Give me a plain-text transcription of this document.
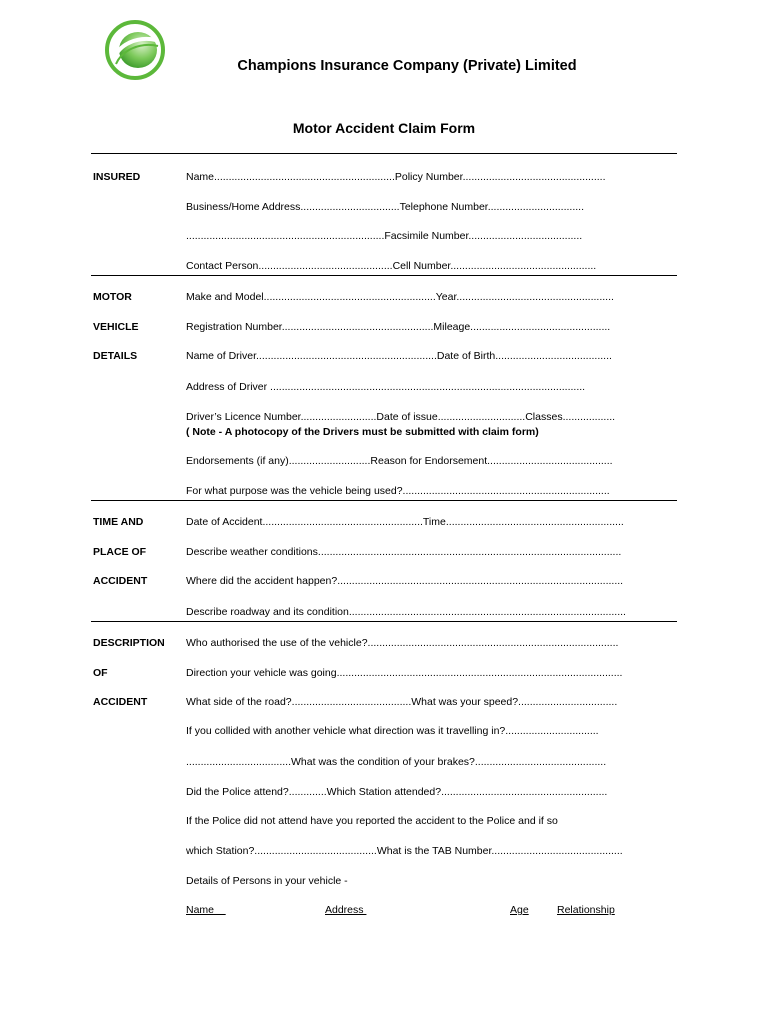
Champions Insurance Company (Private) Limited
Motor Accident Claim Form
INSURED	Name..............................................................Policy Number.................................................
Business/Home Address..................................Telephone Number.................................
....................................................................Facsimile Number.......................................
Contact Person..............................................Cell Number..................................................
MOTOR
VEHICLE
DETAILS
Make and Model...........................................................Year......................................................
Registration Number....................................................Mileage................................................
Name of Driver..............................................................Date of Birth........................................
Address of Driver ............................................................................................................
Driver’s Licence Number..........................Date of issue..............................Classes..................
( Note - A photocopy of the Drivers must be submitted with claim form)
Endorsements (if any)............................Reason for Endorsement...........................................
For what purpose was the vehicle being used?.......................................................................
TIME AND
PLACE OF
ACCIDENT
Date of Accident.......................................................Time.............................................................
Describe weather conditions........................................................................................................
Where did the accident happen?..................................................................................................
Describe roadway and its condition...............................................................................................
DESCRIPTION
OF
ACCIDENT
Who authorised the use of the vehicle?......................................................................................
Direction your vehicle was going..................................................................................................
What side of the road?.........................................What was your speed?..................................
If you collided with another vehicle what direction was it travelling in?................................
....................................What was the condition of your brakes?.............................................
Did the Police attend?.............Which Station attended?.........................................................
If the Police did not attend have you reported the accident to the Police and if so
which Station?..........................................What is the TAB Number.............................................
Details of Persons in your vehicle -
Name	Address	Age	Relationship
